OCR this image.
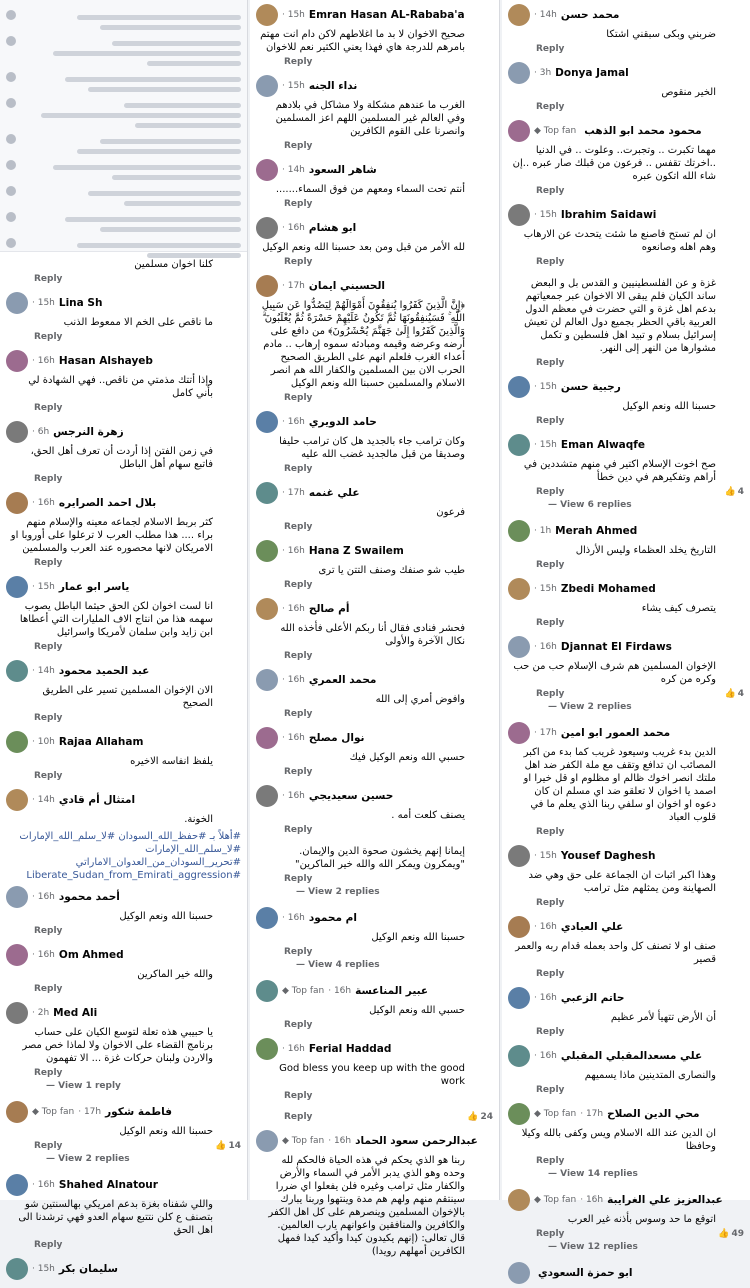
كلنا اخوان مسلمين
Reply
· 15h Lina Sh
ما ناقص على الخم الا ممعوط الذنب
Reply
· 16h Hasan Alshayeb
وإذا أتتك مذمتي من ناقص.. فهي الشهادة لي بأني كامل
Reply
· 6h زهرة النرجس
في زمن الفتن إذا أردت أن تعرف أهل الحق، فاتبع سهام أهل الباطل
Reply
· 16h بلال احمد الصرايره
كثر بربط الاسلام لجماعه معينه والإسلام منهم براء .... هذا مطلب العرب لا ترعلوا على أوروبا او الامريكان لانها محصوره عند العرب والمسلمين
Reply
· 15h ياسر ابو عمار
انا لست اخوان لكن الحق حيثما الباطل يصوب سهمه هذا من انتاج الاف المليارات التي أعطاها ابن زايد وابن سلمان لأمريكا واسرائيل
Reply
· 14h عبد الحميد محمود
الان الإخوان المسلمين تسير على الطريق الصحيح
Reply
· 10h Rajaa Allaham
يلفظ انفاسه الاخيره
Reply
· 14h امتثال أم قادي
الخونة.
#أهلاً بـ #حفظ_الله_السودان #لا_سلم_الله_الإمارات #لا_سلم_الله_الإمارات #تحرير_السودان_من_العدوان_الاماراتي #Liberate_Sudan_from_Emirati_aggression
· 16h أحمد محمود
حسبنا الله ونعم الوكيل
Reply
· 16h Om Ahmed
والله خير الماكرين
Reply
· 2h Med Ali
يا حبيبي هذه تعلة لتوسع الكيان على حساب برنامج القضاء على الاخوان ولا لماذا خص مصر والاردن ولبنان حركات غزة ... الا تفهمون
Reply
— View 1 reply
◆ Top fan · 17h فاطمة شكور
حسبنا الله ونعم الوكيل
Reply	👍 14
— View 2 replies
· 16h Shahed Alnatour
واللي شفناه بغزة بدعم امريكي بهالسنتين شو بتصنف ع كلن نتتبع سهام العدو فهي ترشدنا الى اهل الحق
Reply
· 15h سليمان بكر
· 15h Emran Hasan AL-Rababa'a
صحيح الاخوان لا بد ما اغلاطهم لاكن دام انت مهتم بامرهم للدرجة هاي فهذا يعني الكثير نعم للاخوان
Reply
· 15h نداء الجنه
الغرب ما عندهم مشكلة ولا مشاكل في بلادهم وفي العالم غير المسلمين اللهم اعز المسلمين وانصرنا على القوم الكافرين
Reply
· 14h شاهر السعود
أنتم تحت السماء ومعهم من فوق السماء.......
Reply
· 16h ابو هشام
لله الأمر من قبل ومن بعد حسبنا الله ونعم الوكيل
Reply
· 17h الحسيني ايمان
﴿إِنَّ الَّذِينَ كَفَرُوا يُنفِقُونَ أَمْوَالَهُمْ لِيَصُدُّوا عَن سَبِيلِ اللَّهِ ۚ فَسَيُنفِقُونَهَا ثُمَّ تَكُونُ عَلَيْهِمْ حَسْرَةً ثُمَّ يُغْلَبُونَ ۗ وَالَّذِينَ كَفَرُوا إِلَىٰ جَهَنَّمَ يُحْشَرُونَ﴾ من دافع على أرضه وعرضه وقيمه ومبادئه سموه إرهاب .. مادم أعداء الغرب فلعلم انهم على الطريق الصحيح الحرب الان بين المسلمين والكفار الله هم انصر الاسلام والمسلمين حسبنا الله ونعم الوكيل
Reply
· 16h حامد الدويري
وكان ترامب جاء بالجديد هل كان ترامب حليفا وصديقا من قبل مالجديد غضب الله عليه
Reply
· 17h علي غنمه
فرعون
Reply
· 16h Hana Z Swailem
طيب شو صنفك وصنف التتن يا ترى
Reply
· 16h أم صالح
فحشر فنادى فقال أنا ربكم الأعلى فأخذه الله نكال الآخرة والأولى
Reply
· 16h محمد العمري
وافوض أمري إلى الله
Reply
· 16h نوال مصلح
حسبي الله ونعم الوكيل فيك
Reply
· 16h حسين سعيديجي
يصنف كلعت أمه .
Reply
إيمانا إنهم يخشون صحوة الدين والإيمان. "ويمكرون ويمكر الله والله خير الماكرين"
Reply
— View 2 replies
· 16h ام محمود
حسبنا الله ونعم الوكيل
Reply
— View 4 replies
◆ Top fan · 16h عبير المناعسة
حسبي الله ونعم الوكيل
Reply
· 16h Ferial Haddad
God bless you keep up with the good work
Reply
Reply	👍 24
◆ Top fan · 16h عبدالرحمن سعود الحماد
ربنا هو الذي يحكم في هذه الحياة فالحكم لله وحده وهو الذي يدبر الأمر في السماء والأرض والكفار مثل ترامب وغيره فلن يفعلوا اي ضررا سينتقم منهم ولهم هم مدة وينتهوا وربنا يبارك بالإخوان المسلمين وينصرهم على كل اهل الكفر والكافرين والمنافقين واعوانهم يارب العالمين. قال تعالى: (إنهم يكيدون كيدا وأكيد كيدا فمهل الكافرين أمهلهم رويدا)
· 14h محمد حسن
ضربني وبكى سبقني اشتكا
Reply
· 3h Donya Jamal
الخير منقوص
Reply
◆ Top fan محمود محمد ابو الذهب
مهما تكبرت .. وتجبرت.. وعلوت .. في الدنيا ..اخرتك تقفس .. فرعون من قبلك صار عبره ..إن شاء الله اتكون عبره
Reply
· 15h Ibrahim Saidawi
ان لم تستح فاصنع ما شئت يتحدث عن الارهاب وهم اهله وصانعوه
Reply
غزة و عن الفلسطينيين و القدس بل و البعض ساند الكيان فلم يبقى الا الاخوان عبر جمعياتهم بدعم اهل غزة و التي حضرت في معظم الدول العربية باقي الحظر بجميع دول العالم لن تعيش إسرائيل بسلام و تبيد اهل فلسطين و تكمل مشوارها من النهر إلى النهر.
Reply
· 15h رجبية حسن
حسبنا الله ونعم الوكيل
Reply
· 15h Eman Alwaqfe
صح اخوت الإسلام اكتير في منهم متشددين في أراهم وتفكيرهم في دين خطأ
Reply	👍 4
— View 6 replies
· 1h Merah Ahmed
التاريخ يخلد العظماء وليس الأرذال
Reply
· 15h Zbedi Mohamed
يتصرف كيف يشاء
Reply
· 16h Djannat El Firdaws
الإخوان المسلمين هم شرف الإسلام حب من حب وكره من كره
Reply	👍 4
— View 2 replies
· 17h محمد العمور ابو امين
الدين بدء غريب وسيعود غريب كما بدء من اكبر المصائب ان تدافع وتقف مع ملة الكفر ضد اهل ملتك انصر اخوك ظالم او مظلوم او قل خيرا او اصمد يا اخوان لا تعلقو ضد اي مسلم ان كان دعوه او اخوان او سلفي ربنا الذي يعلم ما في قلوب العباد
Reply
· 15h Yousef Daghesh
وهذا اكبر اثبات ان الجماعة على حق وهي ضد الصهاينة ومن يمثلهم مثل ترامب
Reply
· 16h علي العبادي
صنف او لا تصنف كل واحد بعمله قدام ربه والعمر قصير
Reply
· 16h حاتم الزعبي
أن الأرض تتهيأ لأمر عظيم
Reply
· 16h علي مسعدالمقبلي المقبلي
والنصارى المتدينين ماذا يسميهم
Reply
◆ Top fan · 17h محي الدين الصلاح
ان الدين عند الله الاسلام ويس وكفى بالله وكيلا وحافظا
Reply
— View 14 replies
◆ Top fan · 16h عبدالعزيز علي الغرايبة
اتوقع ما حد وسوس بأذنه غير العرب
Reply	👍 49
— View 12 replies
ابو حمزة السعودي
